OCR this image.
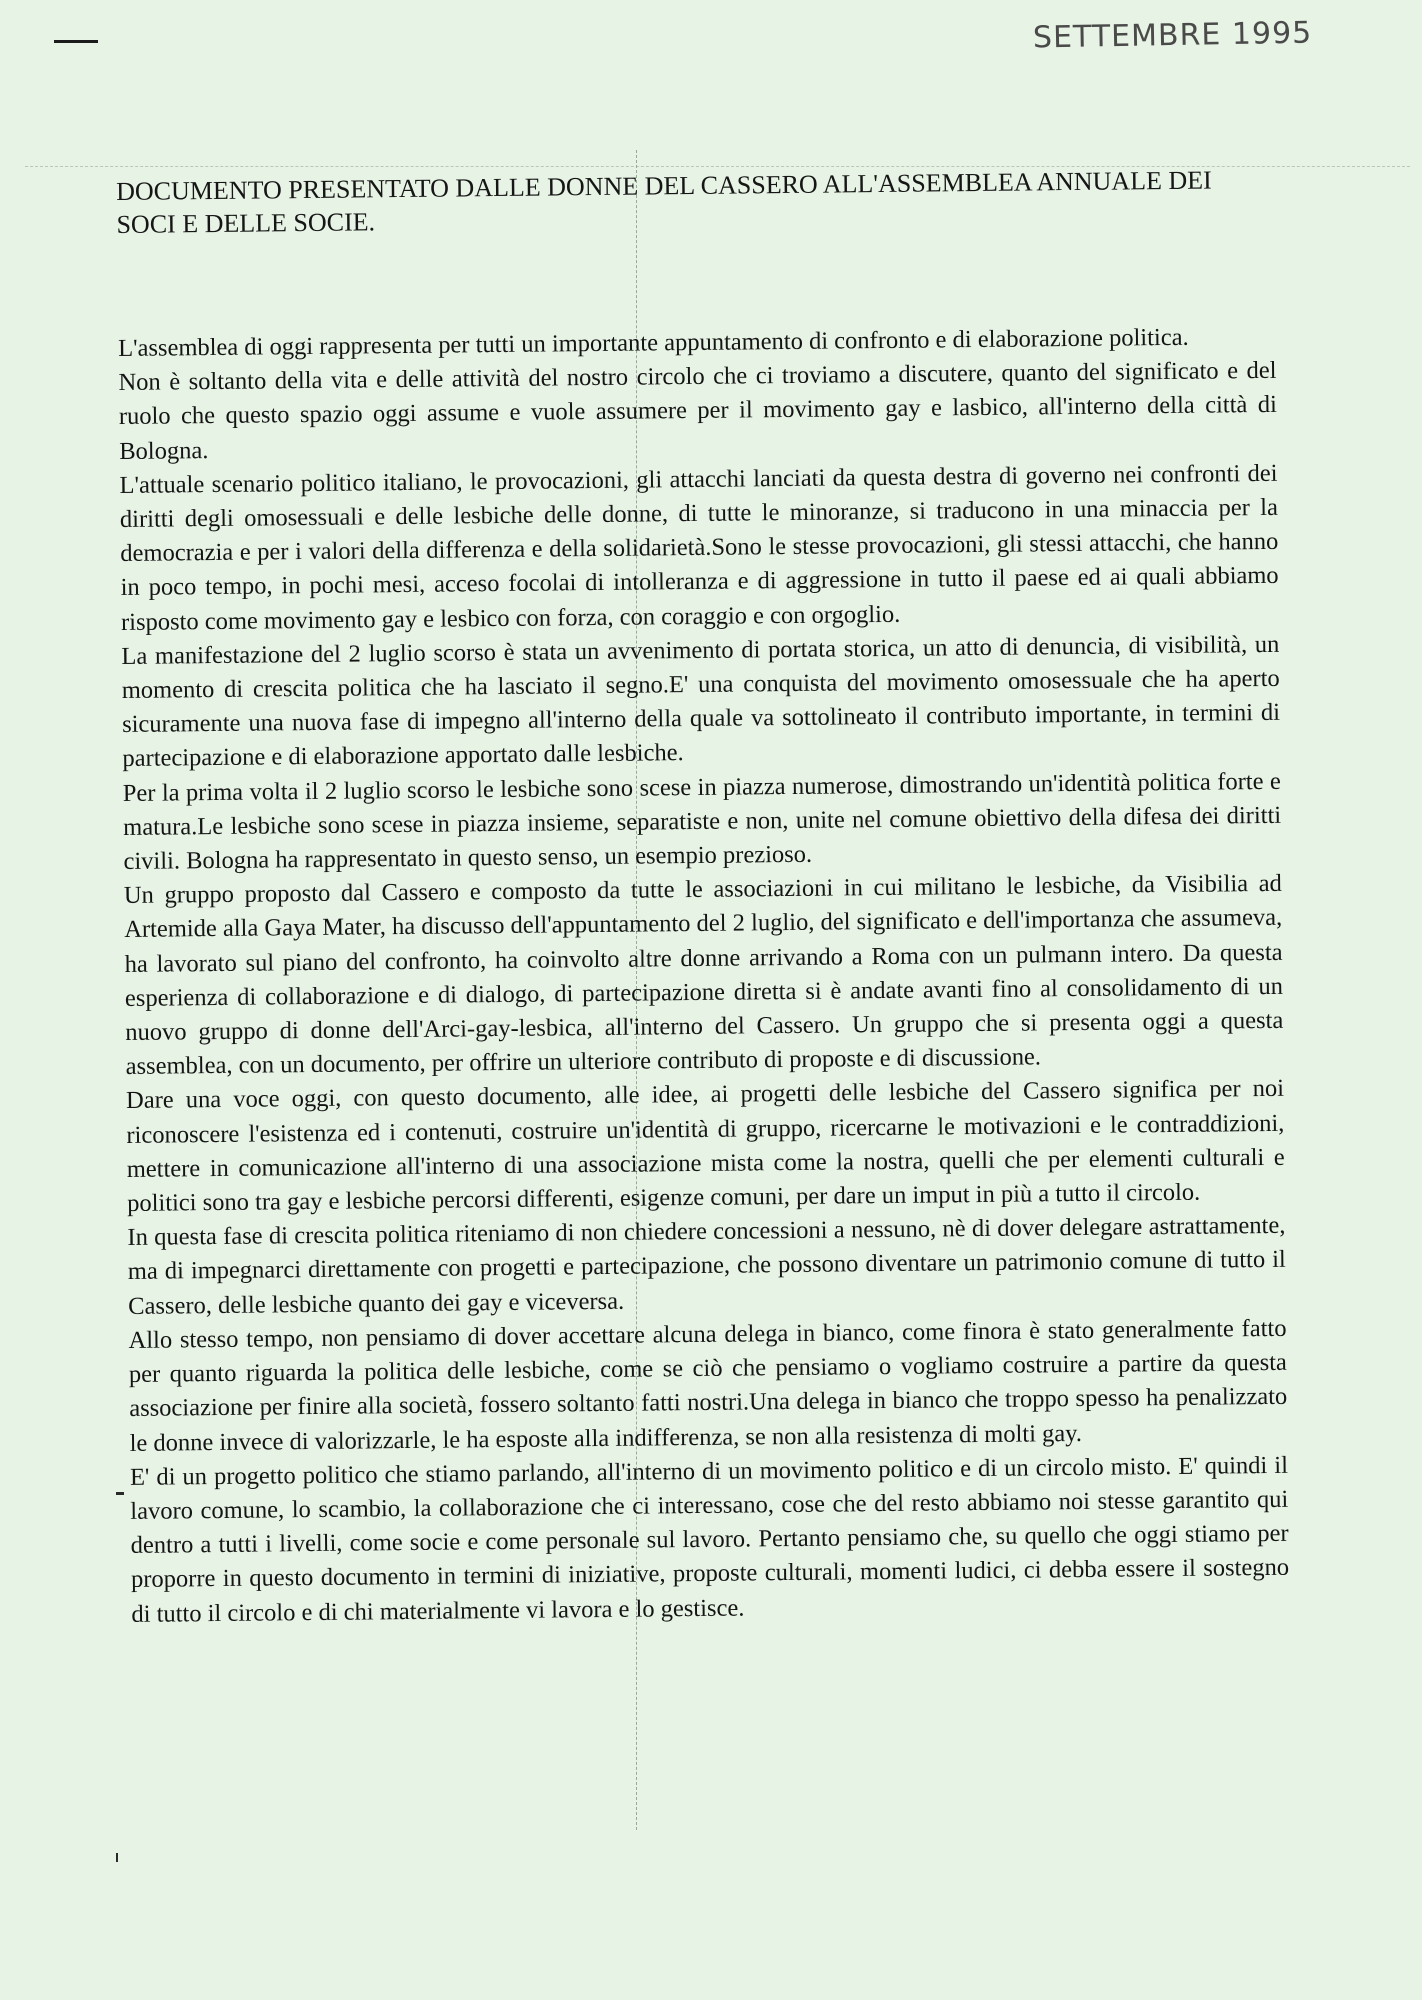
SETTEMBRE 1995
DOCUMENTO PRESENTATO DALLE DONNE DEL CASSERO ALL'ASSEMBLEA ANNUALE DEI SOCI E DELLE SOCIE.

L'assemblea di oggi rappresenta per tutti un importante appuntamento di confronto e di elaborazione politica.

Non è soltanto della vita e delle attività del nostro circolo che ci troviamo a discutere, quanto del significato e del ruolo che questo spazio oggi assume e vuole assumere per il movimento gay e lasbico, all'interno della città di Bologna.

L'attuale scenario politico italiano, le provocazioni, gli attacchi lanciati da questa destra di governo nei confronti dei diritti degli omosessuali e delle lesbiche delle donne, di tutte le minoranze, si traducono in una minaccia per la democrazia e per i valori della differenza e della solidarietà.Sono le stesse provocazioni, gli stessi attacchi, che hanno in poco tempo, in pochi mesi, acceso focolai di intolleranza e di aggressione in tutto il paese ed ai quali abbiamo risposto come movimento gay e lesbico con forza, con coraggio e con orgoglio.

La manifestazione del 2 luglio scorso è stata un avvenimento di portata storica, un atto di denuncia, di visibilità, un momento di crescita politica che ha lasciato il segno.E' una conquista del movimento omosessuale che ha aperto sicuramente una nuova fase di impegno all'interno della quale va sottolineato il contributo importante, in termini di partecipazione e di elaborazione apportato dalle lesbiche.

Per la prima volta il 2 luglio scorso le lesbiche sono scese in piazza numerose, dimostrando un'identità politica forte e matura.Le lesbiche sono scese in piazza insieme, separatiste e non, unite nel comune obiettivo della difesa dei diritti civili. Bologna ha rappresentato in questo senso, un esempio prezioso.

Un gruppo proposto dal Cassero e composto da tutte le associazioni in cui militano le lesbiche, da Visibilia ad Artemide alla Gaya Mater, ha discusso dell'appuntamento del 2 luglio, del significato e dell'importanza che assumeva, ha lavorato sul piano del confronto, ha coinvolto altre donne arrivando a Roma con un pulmann intero. Da questa esperienza di collaborazione e di dialogo, di partecipazione diretta si è andate avanti fino al consolidamento di un nuovo gruppo di donne dell'Arci-gay-lesbica, all'interno del Cassero. Un gruppo che si presenta oggi a questa assemblea, con un documento, per offrire un ulteriore contributo di proposte e di discussione.

Dare una voce oggi, con questo documento, alle idee, ai progetti delle lesbiche del Cassero significa per noi riconoscere l'esistenza ed i contenuti, costruire un'identità di gruppo, ricercarne le motivazioni e le contraddizioni, mettere in comunicazione all'interno di una associazione mista come la nostra, quelli che per elementi culturali e politici sono tra gay e lesbiche percorsi differenti, esigenze comuni, per dare un imput in più a tutto il circolo.

In questa fase di crescita politica riteniamo di non chiedere concessioni a nessuno, nè di dover delegare astrattamente, ma di impegnarci direttamente con progetti e partecipazione, che possono diventare un patrimonio comune di tutto il Cassero, delle lesbiche quanto dei gay e viceversa.

Allo stesso tempo, non pensiamo di dover accettare alcuna delega in bianco, come finora è stato generalmente fatto per quanto riguarda la politica delle lesbiche, come se ciò che pensiamo o vogliamo costruire a partire da questa associazione per finire alla società, fossero soltanto fatti nostri.Una delega in bianco che troppo spesso ha penalizzato le donne invece di valorizzarle, le ha esposte alla indifferenza, se non alla resistenza di molti gay.

E' di un progetto politico che stiamo parlando, all'interno di un movimento politico e di un circolo misto. E' quindi il lavoro comune, lo scambio, la collaborazione che ci interessano, cose che del resto abbiamo noi stesse garantito qui dentro a tutti i livelli, come socie e come personale sul lavoro. Pertanto pensiamo che, su quello che oggi stiamo per proporre in questo documento in termini di iniziative, proposte culturali, momenti ludici, ci debba essere il sostegno di tutto il circolo e di chi materialmente vi lavora e lo gestisce.
